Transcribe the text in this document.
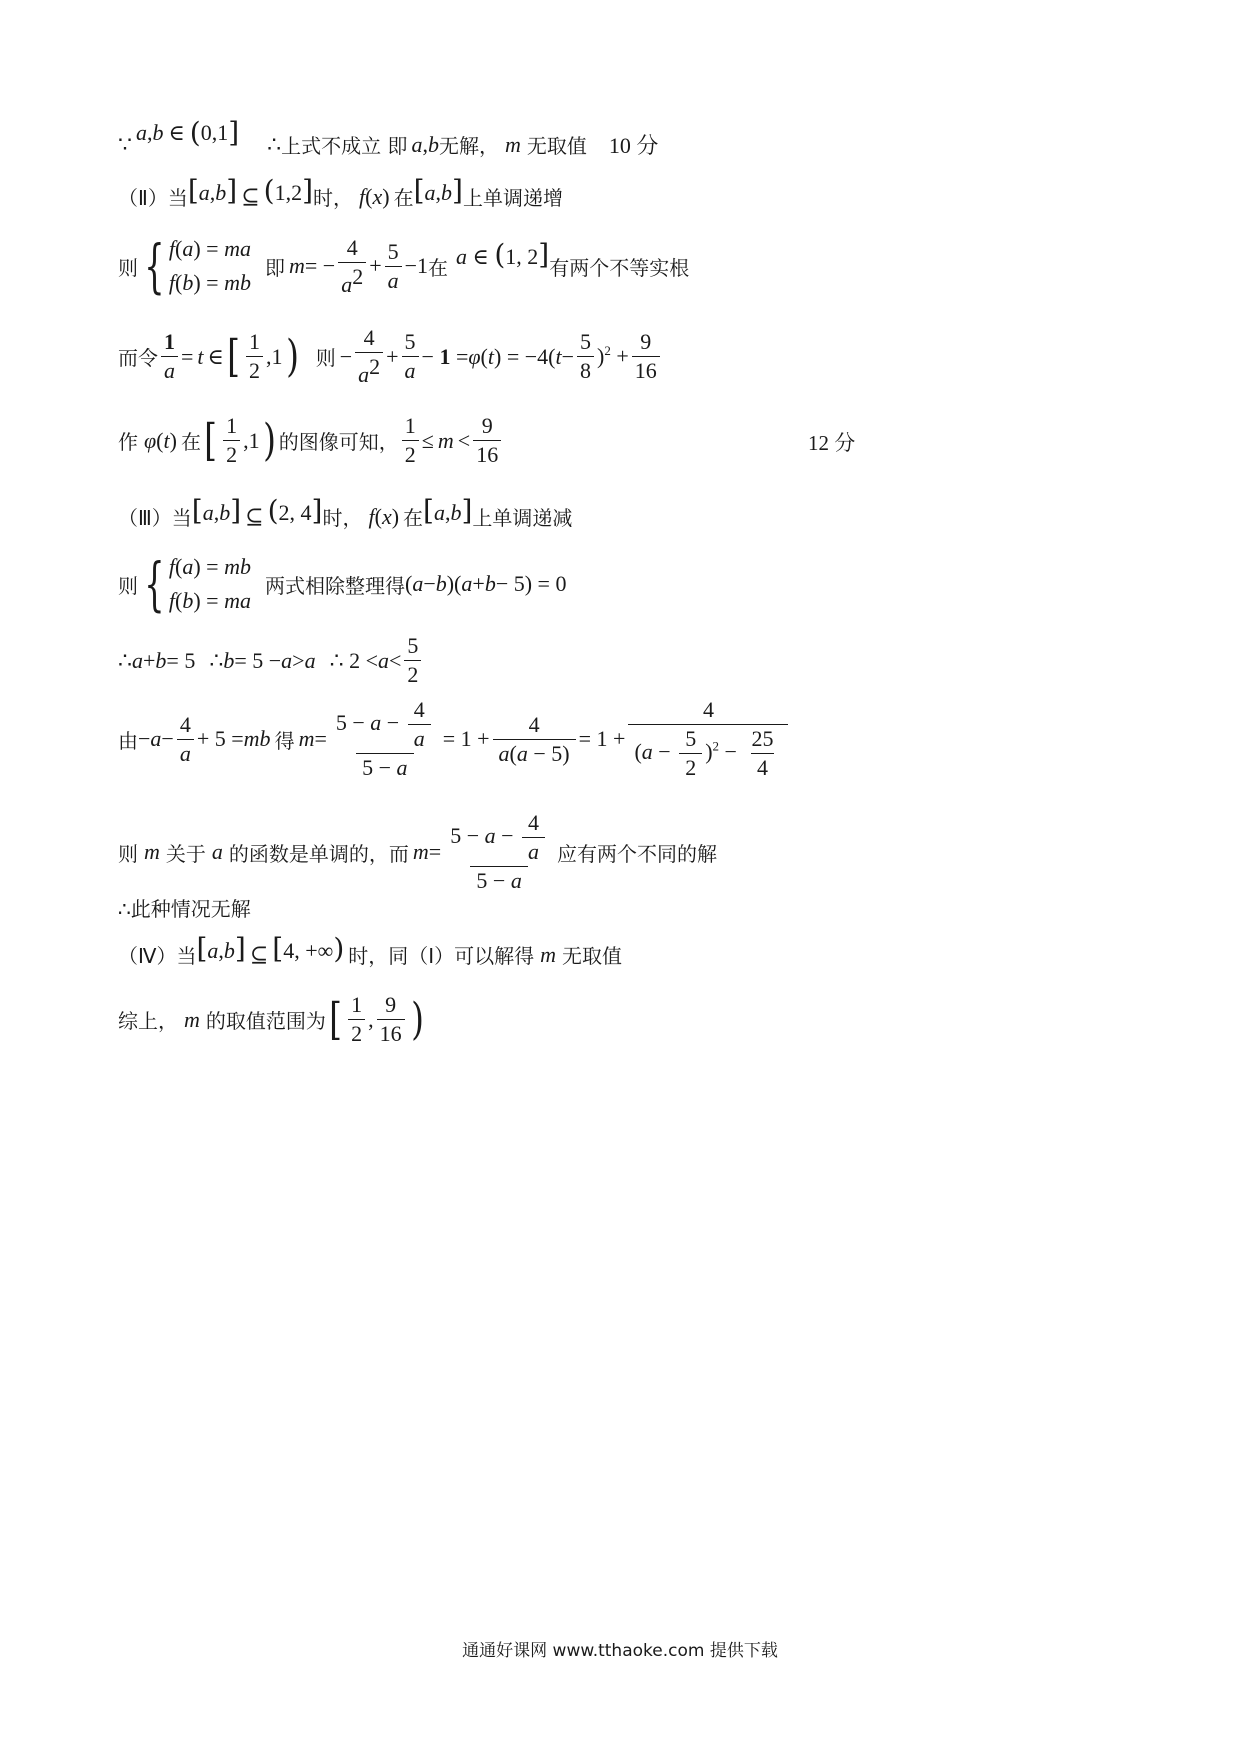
∵ a , b ∈ ( 0,1 ] ∴ 上式不成立 即 a , b 无解， m 无取值 10 分
（Ⅱ）当 [a,b] ⊆ (1,2] 时， f ( x ) 在 [a,b] 上单调递增
则 { f(a) = ma
f(b) = mb
即 m = − $\frac{4}{a^2} + \frac{5}{a} -1$ 在 a ∈ (1, 2] 有两个不等实根
而令 $\frac{1}{a} = t$ ∈ [ $\frac{1}{2} ,1$ ) 则 − $\frac{4}{a^2} + \frac{5}{a} - 1 = \varphi$ ( t ) = −4( $t - \frac{5}{8} )^2 + \frac{9}{16}$
作 φ ( t ) 在 [ $\frac{1}{2} ,1$ ) 的图像可知， $\frac{1}{2} \le m < \frac{9}{16}$	12 分
（Ⅲ）当 [a,b] ⊆ (2, 4] 时， f ( x ) 在 [a,b] 上单调递减
则 { f(a) = mb
f(b) = ma
两式相除整理得 ( a − b )( a + b − 5) = 0
∴ a + b = 5 ∴ b = 5 − a > a ∴ $2 < a < \frac{5}{2}$
由 − $a - \frac{4}{a} + 5$ = mb 得 $m = \frac{5 - a - \frac{4}{a}}{5 - a} = 1 + \frac{4}{a(a - 5)} = 1 + \frac{4}{(a - \frac{5}{2} )^2 - \frac{25}{4}}$
则 m 关于 a 的函数是单调的，而 $m = \frac{5 - a - \frac{4}{a}}{5 - a}$ 应有两个不同的解
∴此种情况无解
（Ⅳ）当 [a,b] ⊆ [4, +∞) 时，同（Ⅰ）可以解得 m 无取值
综上， m 的取值范围为 [ $\frac{1}{2}$ , $\frac{9}{16}$ )
通通好课网 www.tthaoke.com 提供下载
